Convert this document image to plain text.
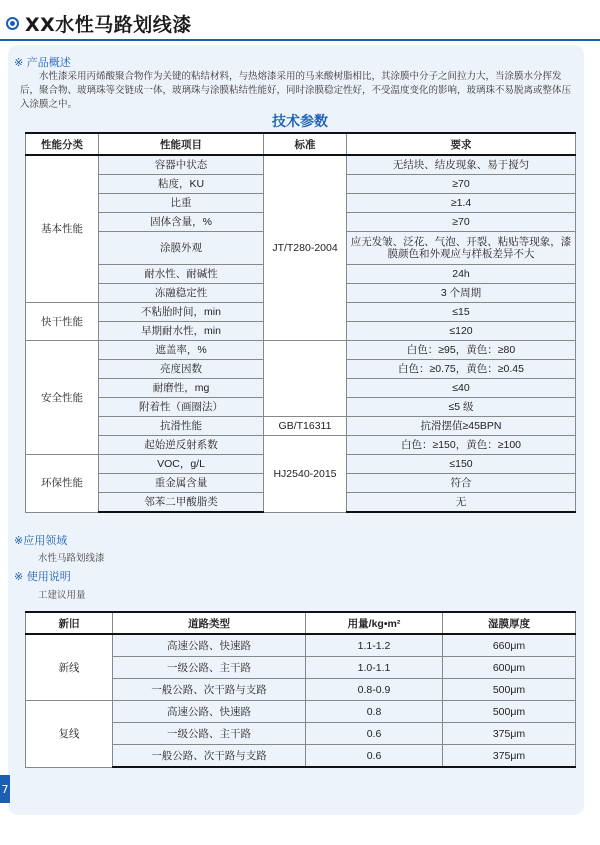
XX水性马路划线漆
※ 产品概述
水性漆采用丙烯酸聚合物作为关键的粘结材料，与热熔漆采用的马来酸树脂相比，其涂膜中分子之间拉力大，当涂膜水分挥发后，聚合物、玻璃珠等交链成一体，玻璃珠与涂膜粘结性能好，同时涂膜稳定性好，不受温度变化的影响，玻璃珠不易脱离或整体压入涂膜之中。
技术参数
性能分类	性能项目	标准	要求
基本性能	容器中状态	JT/T280-2004	无结块、结皮现象、易于搅匀
	粘度，KU		≥70
	比重		≥1.4
	固体含量，%		≥70
	涂膜外观		应无发皱、泛花、气泡、开裂、粘贴等现象，漆膜颜色和外观应与样板差异不大
	耐水性、耐碱性		24h
	冻融稳定性		3 个周期
快干性能	不粘胎时间，min		≤15
	早期耐水性，min		≤120
安全性能	遮盖率，%		白色：≥95，黄色：≥80
	亮度因数		白色：≥0.75，黄色：≥0.45
	耐磨性，mg		≤40
	附着性（画圈法）		≤5 级
	抗滑性能	GB/T16311	抗滑摆值≥45BPN
	起始逆反射系数	HJ2540-2015	白色：≥150，黄色：≥100
环保性能	VOC，g/L		≤150
	重金属含量		符合
	邻苯二甲酸脂类		无
※应用领域
水性马路划线漆
※ 使用说明
工建议用量
新旧	道路类型	用量/kg•m²	湿膜厚度
新线	高速公路、快速路	1.1-1.2	660μm
	一级公路、主干路	1.0-1.1	600μm
	一般公路、次干路与支路	0.8-0.9	500μm
复线	高速公路、快速路	0.8	500μm
	一级公路、主干路	0.6	375μm
	一般公路、次干路与支路	0.6	375μm
7
